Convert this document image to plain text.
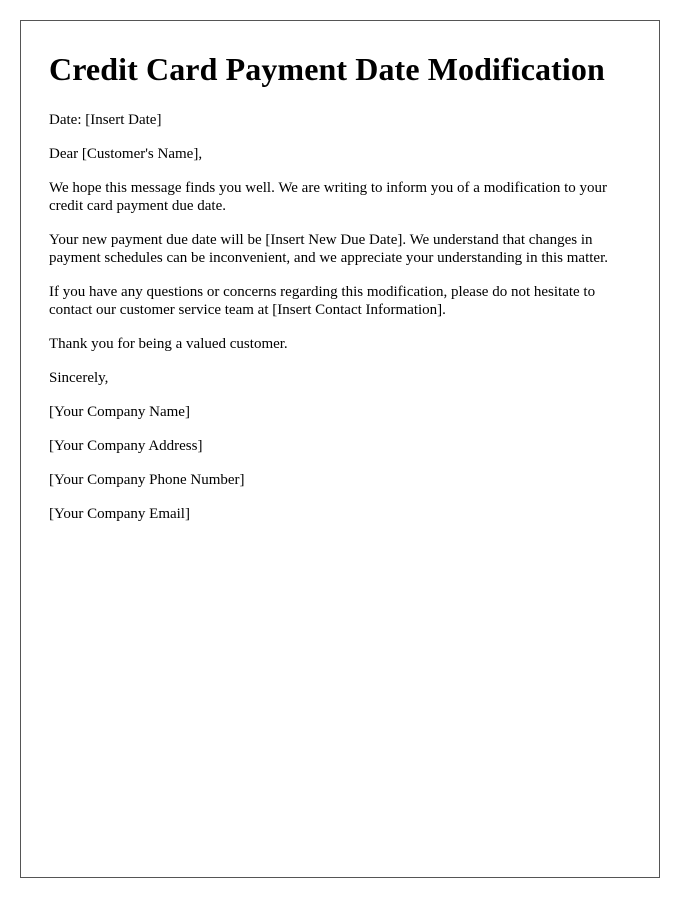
Credit Card Payment Date Modification

Date: [Insert Date]

Dear [Customer's Name],

We hope this message finds you well. We are writing to inform you of a modification to your credit card payment due date.

Your new payment due date will be [Insert New Due Date]. We understand that changes in payment schedules can be inconvenient, and we appreciate your understanding in this matter.

If you have any questions or concerns regarding this modification, please do not hesitate to contact our customer service team at [Insert Contact Information].

Thank you for being a valued customer.

Sincerely,

[Your Company Name]

[Your Company Address]

[Your Company Phone Number]

[Your Company Email]
